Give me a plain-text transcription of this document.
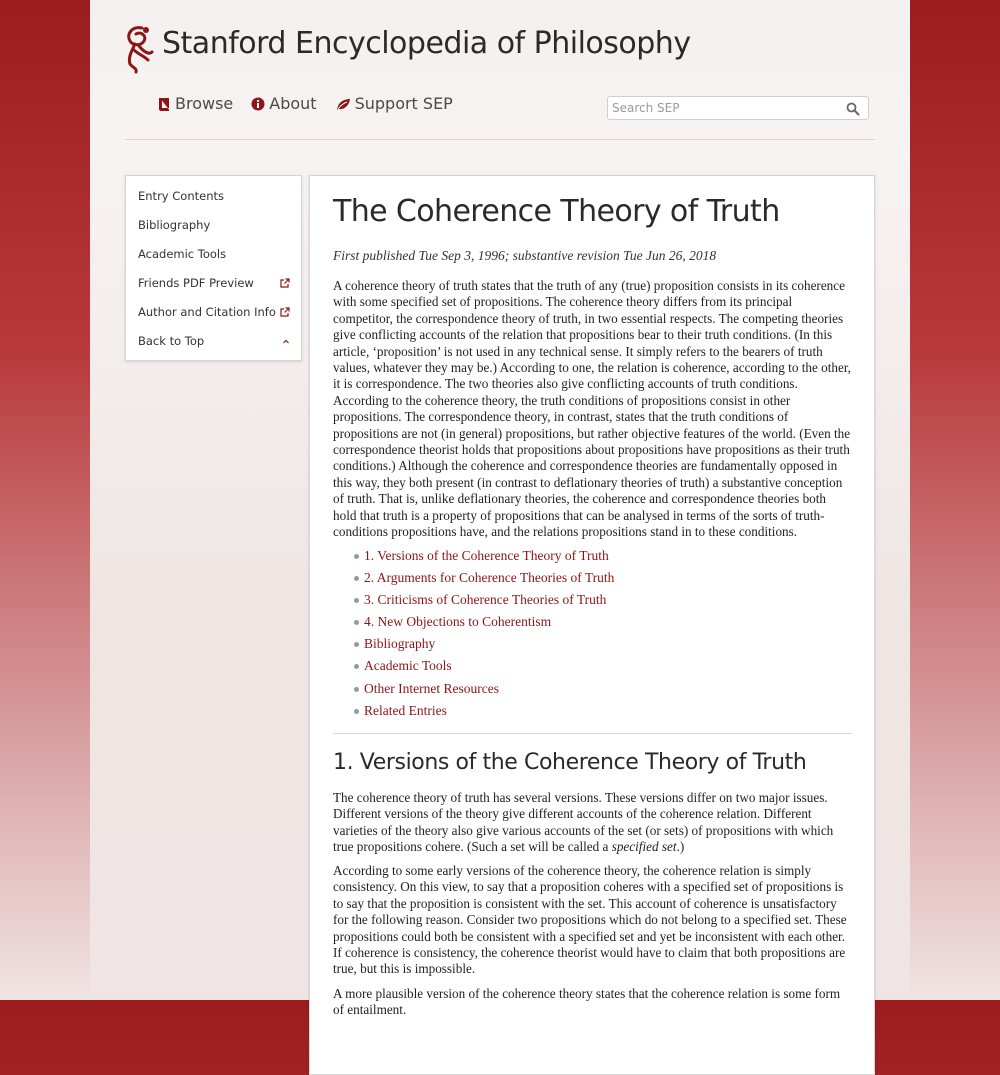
Stanford Encyclopedia of Philosophy
Browse About Support SEP
Search SEP
Entry Contents
Bibliography
Academic Tools
Friends PDF Preview
Author and Citation Info
Back to Top
The Coherence Theory of Truth

First published Tue Sep 3, 1996; substantive revision Tue Jun 26, 2018

A coherence theory of truth states that the truth of any (true) proposition consists in its coherence with some specified set of propositions. The coherence theory differs from its principal competitor, the correspondence theory of truth, in two essential respects. The competing theories give conflicting accounts of the relation that propositions bear to their truth conditions. (In this article, ‘proposition’ is not used in any technical sense. It simply refers to the bearers of truth values, whatever they may be.) According to one, the relation is coherence, according to the other, it is correspondence. The two theories also give conflicting accounts of truth conditions. According to the coherence theory, the truth conditions of propositions consist in other propositions. The correspondence theory, in contrast, states that the truth conditions of propositions are not (in general) propositions, but rather objective features of the world. (Even the correspondence theorist holds that propositions about propositions have propositions as their truth conditions.) Although the coherence and correspondence theories are fundamentally opposed in this way, they both present (in contrast to deflationary theories of truth) a substantive conception of truth. That is, unlike deflationary theories, the coherence and correspondence theories both hold that truth is a property of propositions that can be analysed in terms of the sorts of truth-conditions propositions have, and the relations propositions stand in to these conditions.

1. Versions of the Coherence Theory of Truth
2. Arguments for Coherence Theories of Truth
3. Criticisms of Coherence Theories of Truth
4. New Objections to Coherentism
Bibliography
Academic Tools
Other Internet Resources
Related Entries
1. Versions of the Coherence Theory of Truth

The coherence theory of truth has several versions. These versions differ on two major issues. Different versions of the theory give different accounts of the coherence relation. Different varieties of the theory also give various accounts of the set (or sets) of propositions with which true propositions cohere. (Such a set will be called a specified set.)

According to some early versions of the coherence theory, the coherence relation is simply consistency. On this view, to say that a proposition coheres with a specified set of propositions is to say that the proposition is consistent with the set. This account of coherence is unsatisfactory for the following reason. Consider two propositions which do not belong to a specified set. These propositions could both be consistent with a specified set and yet be inconsistent with each other. If coherence is consistency, the coherence theorist would have to claim that both propositions are true, but this is impossible.

A more plausible version of the coherence theory states that the coherence relation is some form of entailment.
